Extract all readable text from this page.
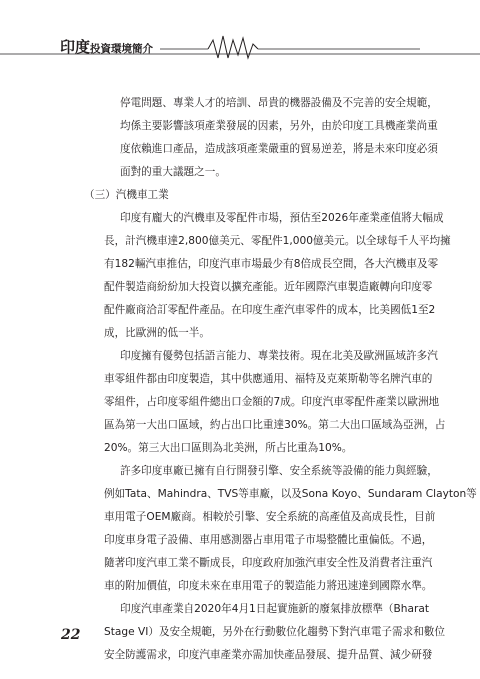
印度投資環境簡介
停電問題、專業人才的培訓、昂貴的機器設備及不完善的安全規範，
均係主要影響該項產業發展的因素，另外，由於印度工具機產業尚重
度依賴進口產品，造成該項產業嚴重的貿易逆差，將是未來印度必須
面對的重大議題之一。
（三）汽機車工業
印度有龐大的汽機車及零配件市場，預估至2026年產業產值將大幅成
長，計汽機車達2,800億美元、零配件1,000億美元。以全球每千人平均擁
有182輛汽車推估，印度汽車市場最少有8倍成長空間，各大汽機車及零
配件製造商紛紛加大投資以擴充產能。近年國際汽車製造廠轉向印度零
配件廠商洽訂零配件產品。在印度生產汽車零件的成本，比美國低1至2
成，比歐洲的低一半。
印度擁有優勢包括語言能力、專業技術。現在北美及歐洲區域許多汽
車零組件都由印度製造，其中供應通用、福特及克萊斯勒等名牌汽車的
零組件，占印度零組件總出口金額的7成。印度汽車零配件產業以歐洲地
區為第一大出口區域，約占出口比重達30%。第二大出口區域為亞洲，占
20%。第三大出口區則為北美洲，所占比重為10%。
許多印度車廠已擁有自行開發引擎、安全系統等設備的能力與經驗，
例如Tata、Mahindra、TVS等車廠，以及Sona Koyo、Sundaram Clayton等
車用電子OEM廠商。相較於引擎、安全系統的高產值及高成長性，目前
印度車身電子設備、車用感測器占車用電子市場整體比重偏低。不過，
隨著印度汽車工業不斷成長，印度政府加強汽車安全性及消費者注重汽
車的附加價值，印度未來在車用電子的製造能力將迅速達到國際水準。
印度汽車產業自2020年4月1日起實施新的廢氣排放標準（Bharat
Stage VI）及安全規範，另外在行動數位化趨勢下對汽車電子需求和數位
安全防護需求，印度汽車產業亦需加快產品發展、提升品質、減少研發
22
